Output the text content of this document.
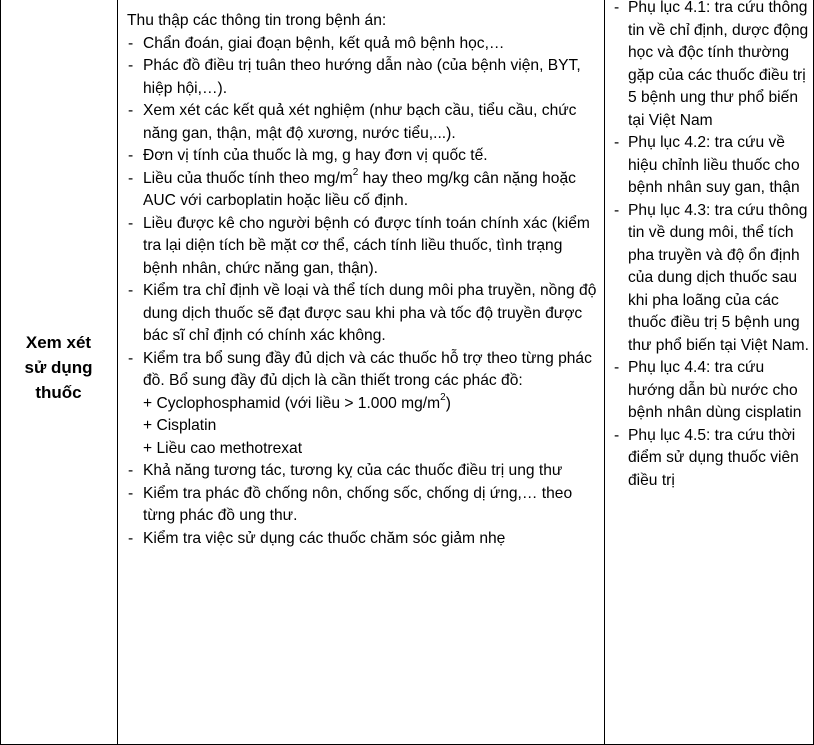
Xem xét
sử dụng
thuốc
Thu thập các thông tin trong bệnh án:
- Chẩn đoán, giai đoạn bệnh, kết quả mô bệnh học,…
- Phác đồ điều trị tuân theo hướng dẫn nào (của bệnh viện, BYT, hiệp hội,…).
- Xem xét các kết quả xét nghiệm (như bạch cầu, tiểu cầu, chức năng gan, thận, mật độ xương, nước tiểu,...).
- Đơn vị tính của thuốc là mg, g hay đơn vị quốc tế.
- Liều của thuốc tính theo $mg/m^2$ hay theo mg/kg cân nặng hoặc AUC với carboplatin hoặc liều cố định.
- Liều được kê cho người bệnh có được tính toán chính xác (kiểm tra lại diện tích bề mặt cơ thể, cách tính liều thuốc, tình trạng bệnh nhân, chức năng gan, thận).
- Kiểm tra chỉ định về loại và thể tích dung môi pha truyền, nồng độ dung dịch thuốc sẽ đạt được sau khi pha và tốc độ truyền được bác sĩ chỉ định có chính xác không.
- Kiểm tra bổ sung đầy đủ dịch và các thuốc hỗ trợ theo từng phác đồ. Bổ sung đầy đủ dịch là cần thiết trong các phác đồ:
+ Cyclophosphamid (với liều > 1.000 $mg/m^2$)
+ Cisplatin
+ Liều cao methotrexat
- Khả năng tương tác, tương kỵ của các thuốc điều trị ung thư
- Kiểm tra phác đồ chống nôn, chống sốc, chống dị ứng,… theo từng phác đồ ung thư.
- Kiểm tra việc sử dụng các thuốc chăm sóc giảm nhẹ
- Phụ lục 4.1: tra cứu thông tin về chỉ định, dược động học và độc tính thường gặp của các thuốc điều trị 5 bệnh ung thư phổ biến tại Việt Nam
- Phụ lục 4.2: tra cứu về hiệu chỉnh liều thuốc cho bệnh nhân suy gan, thận
- Phụ lục 4.3: tra cứu thông tin về dung môi, thể tích pha truyền và độ ổn định của dung dịch thuốc sau khi pha loãng của các thuốc điều trị 5 bệnh ung thư phổ biến tại Việt Nam.
- Phụ lục 4.4: tra cứu hướng dẫn bù nước cho bệnh nhân dùng cisplatin
- Phụ lục 4.5: tra cứu thời điểm sử dụng thuốc viên điều trị
